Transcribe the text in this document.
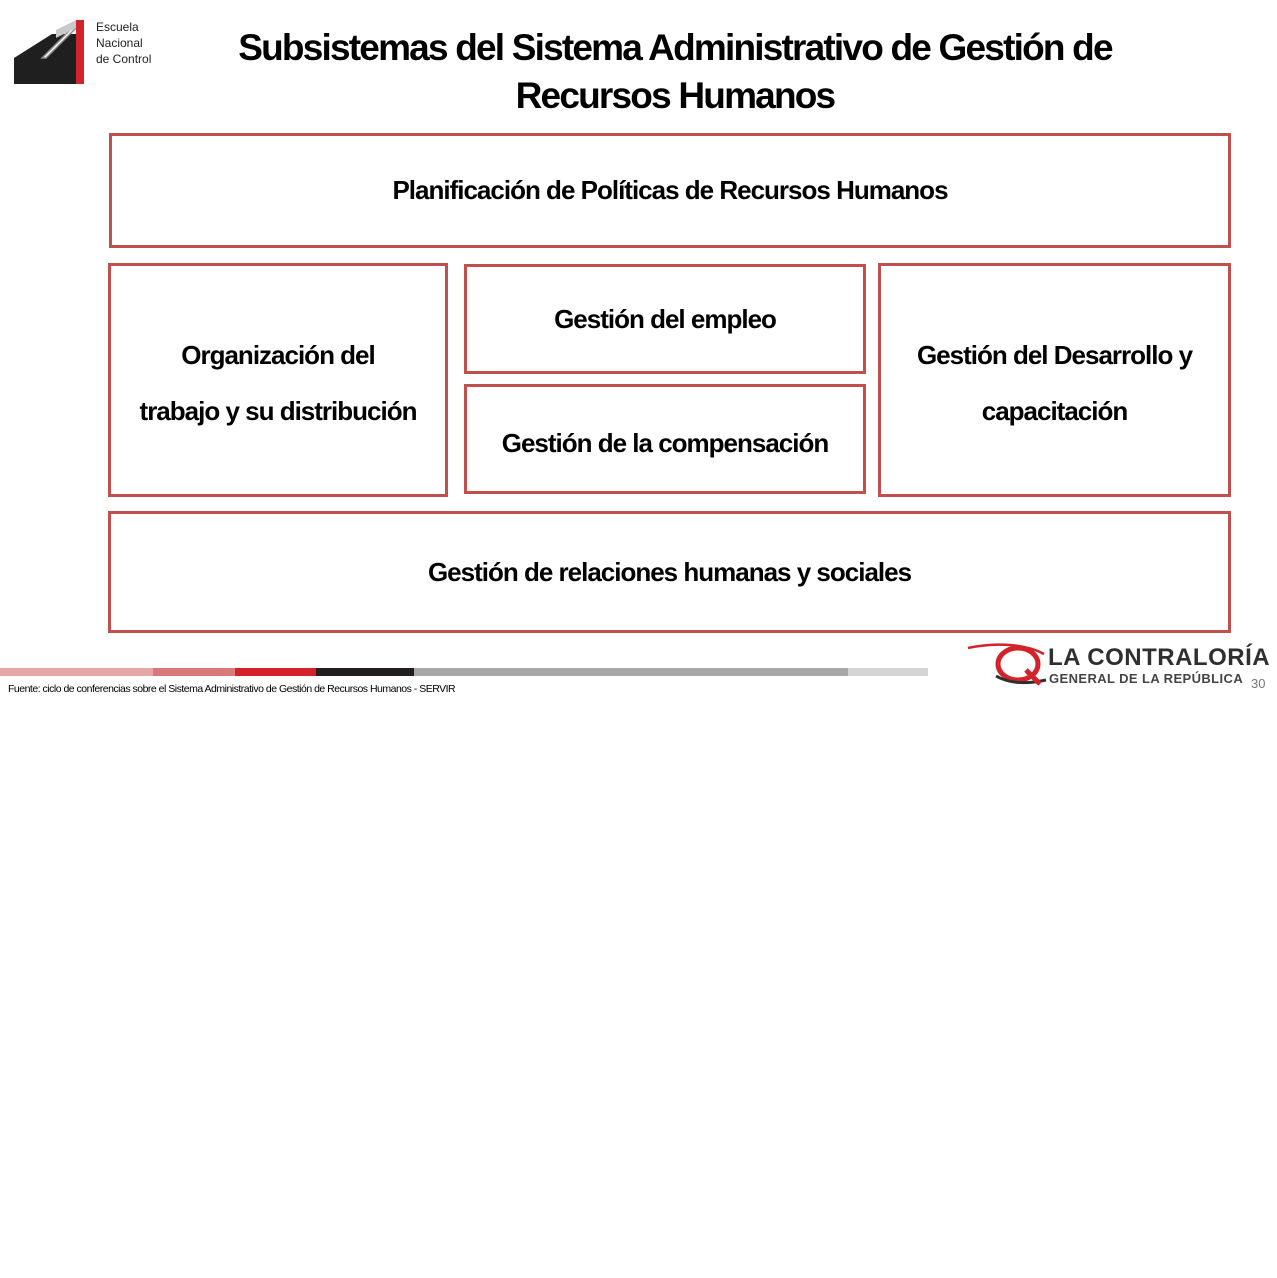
Escuela
Nacional
de Control	Subsistemas del Sistema Administrativo de Gestión de
Recursos Humanos
Planificación de Políticas de Recursos Humanos
Organización del
trabajo y su distribución
Gestión del empleo
Gestión de la compensación
Gestión del Desarrollo y
capacitación
Gestión de relaciones humanas y sociales
Fuente: ciclo de conferencias sobre el Sistema Administrativo de Gestión de Recursos Humanos - SERVIR	30
LA CONTRALORÍA
GENERAL DE LA REPÚBLICA
